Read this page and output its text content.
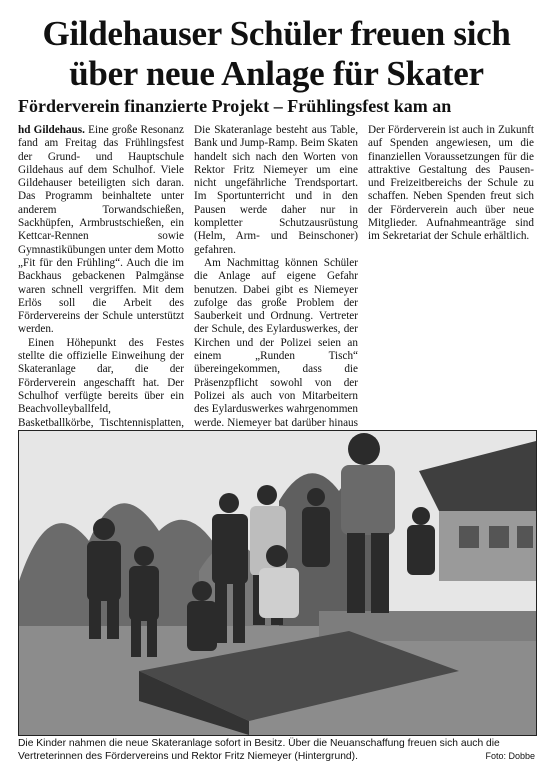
Gildehauser Schüler freuen sich
über neue Anlage für Skater
Förderverein finanzierte Projekt – Frühlingsfest kam an

hd Gildehaus. Eine große Resonanz fand am Freitag das Frühlingsfest der Grund- und Hauptschule Gildehaus auf dem Schulhof. Viele Gildehauser beteiligten sich daran. Das Programm beinhaltete unter anderem Torwandschießen, Sackhüpfen, Armbrustschießen, ein Kettcar-Rennen sowie Gymnastikübungen unter dem Motto „Fit für den Frühling“. Auch die im Backhaus gebackenen Palmgänse waren schnell vergriffen. Mit dem Erlös soll die Arbeit des Fördervereins der Schule unterstützt werden.

Einen Höhepunkt des Festes stellte die offizielle Einweihung der Skateranlage dar, die der Förderverein angeschafft hat. Der Schulhof verfügte bereits über ein Beachvolleyballfeld, Basketballkörbe, Tischtennisplatten,

Die Skateranlage besteht aus Table, Bank und Jump-Ramp. Beim Skaten handelt sich nach den Worten von Rektor Fritz Niemeyer um eine nicht ungefährliche Trendsportart. Im Sportunterricht und in den Pausen werde daher nur in kompletter Schutzausrüstung (Helm, Arm- und Beinschoner) gefahren.

Am Nachmittag können Schüler die Anlage auf eigene Gefahr benutzen. Dabei gibt es Niemeyer zufolge das große Problem der Sauberkeit und Ordnung. Vertreter der Schule, des Eylarduswerkes, der Kirchen und der Polizei seien an einem „Runden Tisch“ übereingekommen, dass die Präsenzpflicht sowohl von der Polizei als auch von Mitarbeitern des Eylarduswerkes wahrgenommen werde. Niemeyer bat darüber hinaus

Der Förderverein ist auch in Zukunft auf Spenden angewiesen, um die finanziellen Voraussetzungen für die attraktive Gestaltung des Pausen- und Freizeitbereichs der Schule zu schaffen. Neben Spenden freut sich der Förderverein auch über neue Mitglieder. Aufnahmeanträge sind im Sekretariat der Schule erhältlich.

Die Kinder nahmen die neue Skateranlage sofort in Besitz. Über die Neuanschaffung freuen sich auch die Vertreterinnen des Fördervereins und Rektor Fritz Niemeyer (Hintergrund).	Foto: Dobbe
